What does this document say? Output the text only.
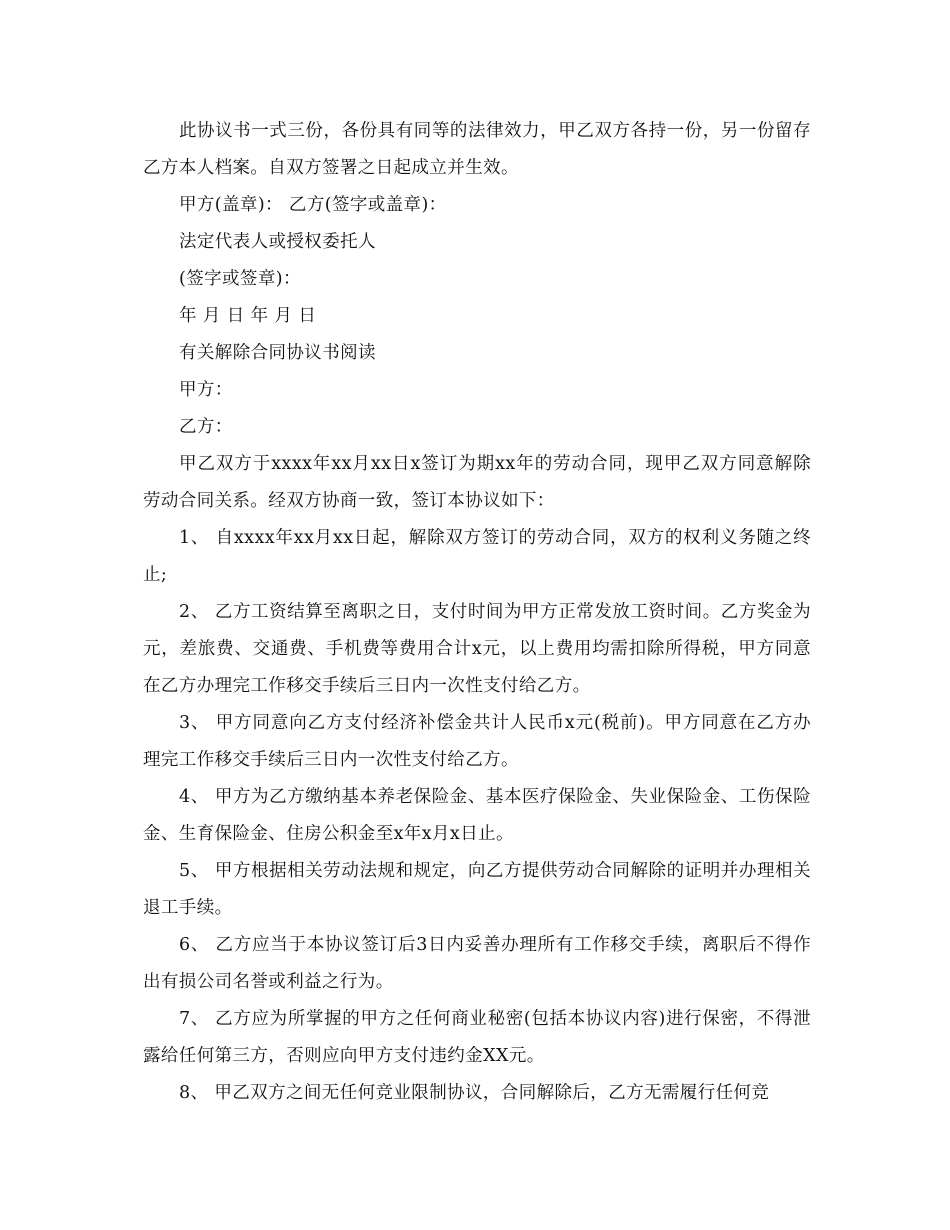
此协议书一式三份，各份具有同等的法律效力，甲乙双方各持一份，另一份留存乙方本人档案。自双方签署之日起成立并生效。

甲方(盖章)： 乙方(签字或盖章)：

法定代表人或授权委托人

(签字或签章)：

年 月 日 年 月 日

有关解除合同协议书阅读

甲方：

乙方：

甲乙双方于xxxx年xx月xx日x签订为期xx年的劳动合同，现甲乙双方同意解除劳动合同关系。经双方协商一致，签订本协议如下：

1、 自xxxx年xx月xx日起，解除双方签订的劳动合同，双方的权利义务随之终止;

2、 乙方工资结算至离职之日，支付时间为甲方正常发放工资时间。乙方奖金为元，差旅费、交通费、手机费等费用合计x元，以上费用均需扣除所得税，甲方同意在乙方办理完工作移交手续后三日内一次性支付给乙方。

3、 甲方同意向乙方支付经济补偿金共计人民币x元(税前)。甲方同意在乙方办理完工作移交手续后三日内一次性支付给乙方。

4、 甲方为乙方缴纳基本养老保险金、基本医疗保险金、失业保险金、工伤保险金、生育保险金、住房公积金至x年x月x日止。

5、 甲方根据相关劳动法规和规定，向乙方提供劳动合同解除的证明并办理相关退工手续。

6、 乙方应当于本协议签订后3日内妥善办理所有工作移交手续，离职后不得作出有损公司名誉或利益之行为。

7、 乙方应为所掌握的甲方之任何商业秘密(包括本协议内容)进行保密，不得泄露给任何第三方，否则应向甲方支付违约金XX元。

8、 甲乙双方之间无任何竞业限制协议，合同解除后，乙方无需履行任何竞
